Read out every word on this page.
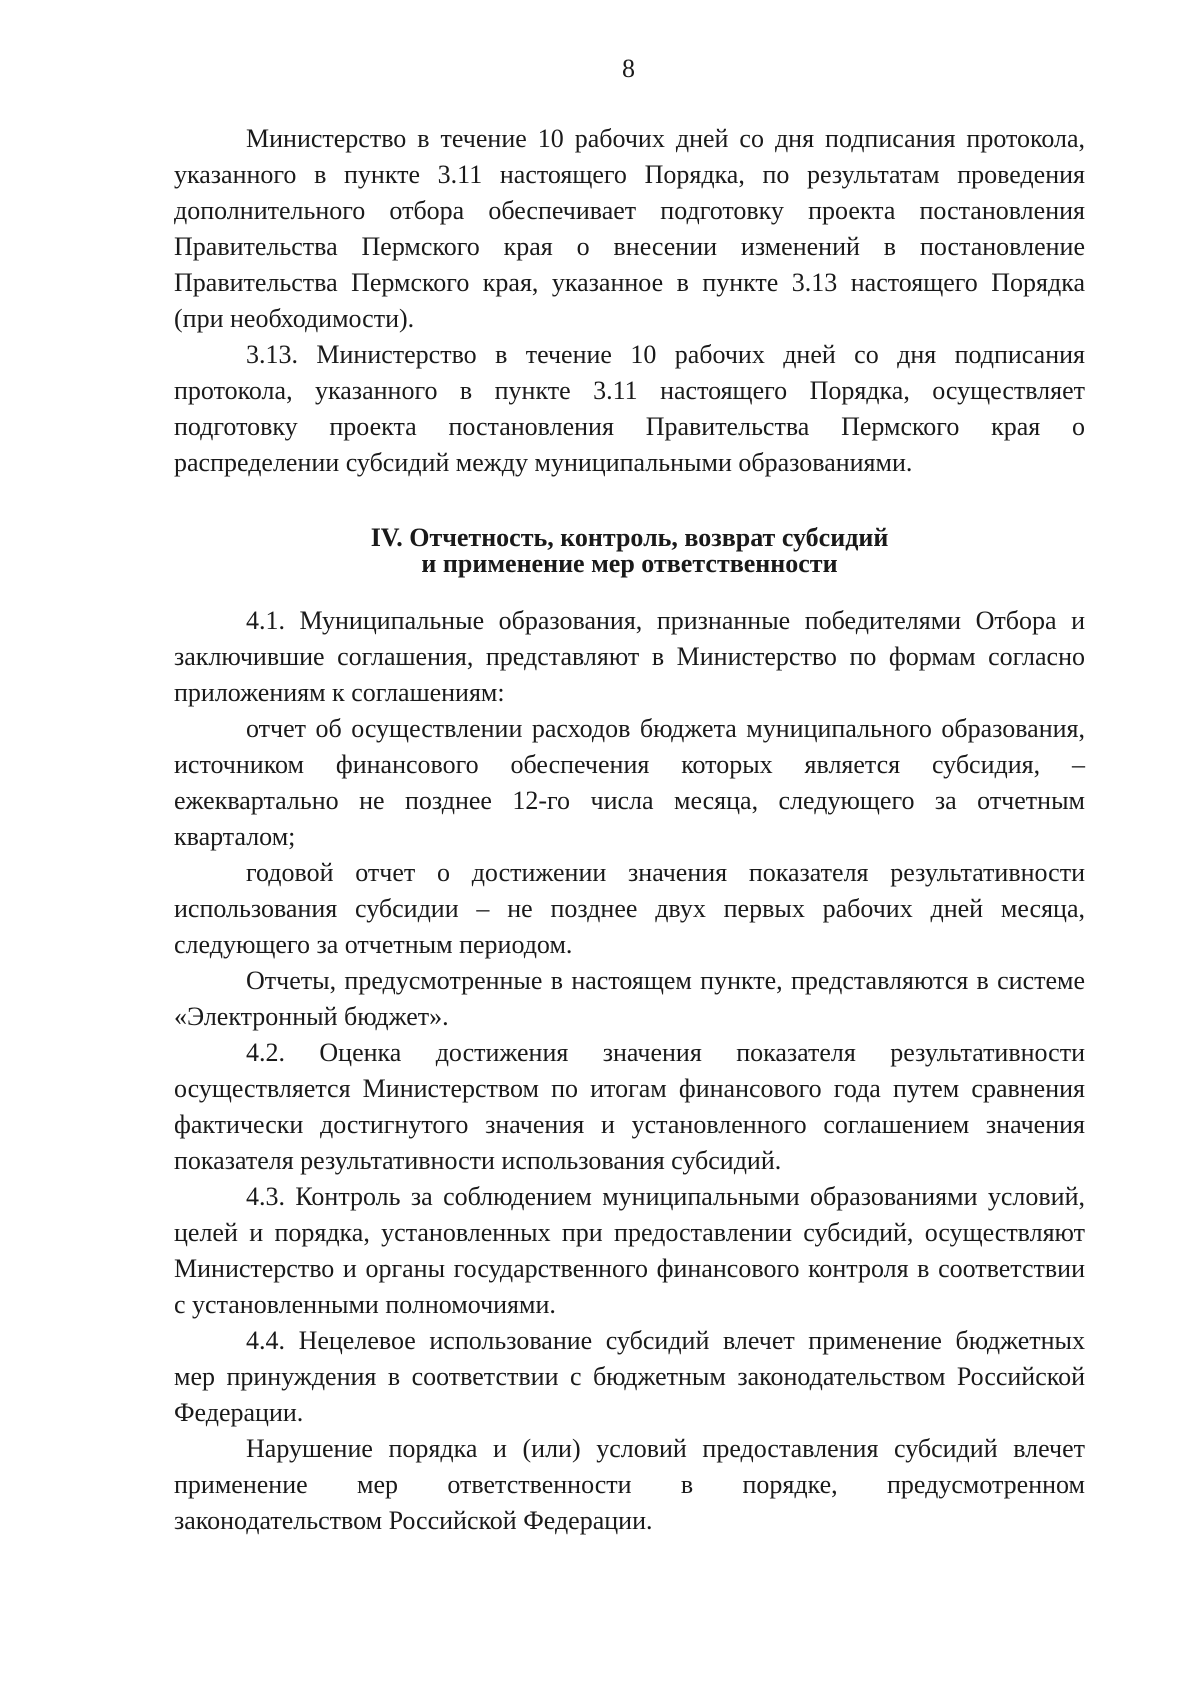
8

Министерство в течение 10 рабочих дней со дня подписания протокола, указанного в пункте 3.11 настоящего Порядка, по результатам проведения дополнительного отбора обеспечивает подготовку проекта постановления Правительства Пермского края о внесении изменений в постановление Правительства Пермского края, указанное в пункте 3.13 настоящего Порядка (при необходимости).

3.13. Министерство в течение 10 рабочих дней со дня подписания протокола, указанного в пункте 3.11 настоящего Порядка, осуществляет подготовку проекта постановления Правительства Пермского края о распределении субсидий между муниципальными образованиями.

IV. Отчетность, контроль, возврат субсидий
и применение мер ответственности

4.1. Муниципальные образования, признанные победителями Отбора и заключившие соглашения, представляют в Министерство по формам согласно приложениям к соглашениям:

отчет об осуществлении расходов бюджета муниципального образования, источником финансового обеспечения которых является субсидия, – ежеквартально не позднее 12-го числа месяца, следующего за отчетным кварталом;

годовой отчет о достижении значения показателя результативности использования субсидии – не позднее двух первых рабочих дней месяца, следующего за отчетным периодом.

Отчеты, предусмотренные в настоящем пункте, представляются в системе «Электронный бюджет».

4.2. Оценка достижения значения показателя результативности осуществляется Министерством по итогам финансового года путем сравнения фактически достигнутого значения и установленного соглашением значения показателя результативности использования субсидий.

4.3. Контроль за соблюдением муниципальными образованиями условий, целей и порядка, установленных при предоставлении субсидий, осуществляют Министерство и органы государственного финансового контроля в соответствии с установленными полномочиями.

4.4. Нецелевое использование субсидий влечет применение бюджетных мер принуждения в соответствии с бюджетным законодательством Российской Федерации.

Нарушение порядка и (или) условий предоставления субсидий влечет применение мер ответственности в порядке, предусмотренном законодательством Российской Федерации.
